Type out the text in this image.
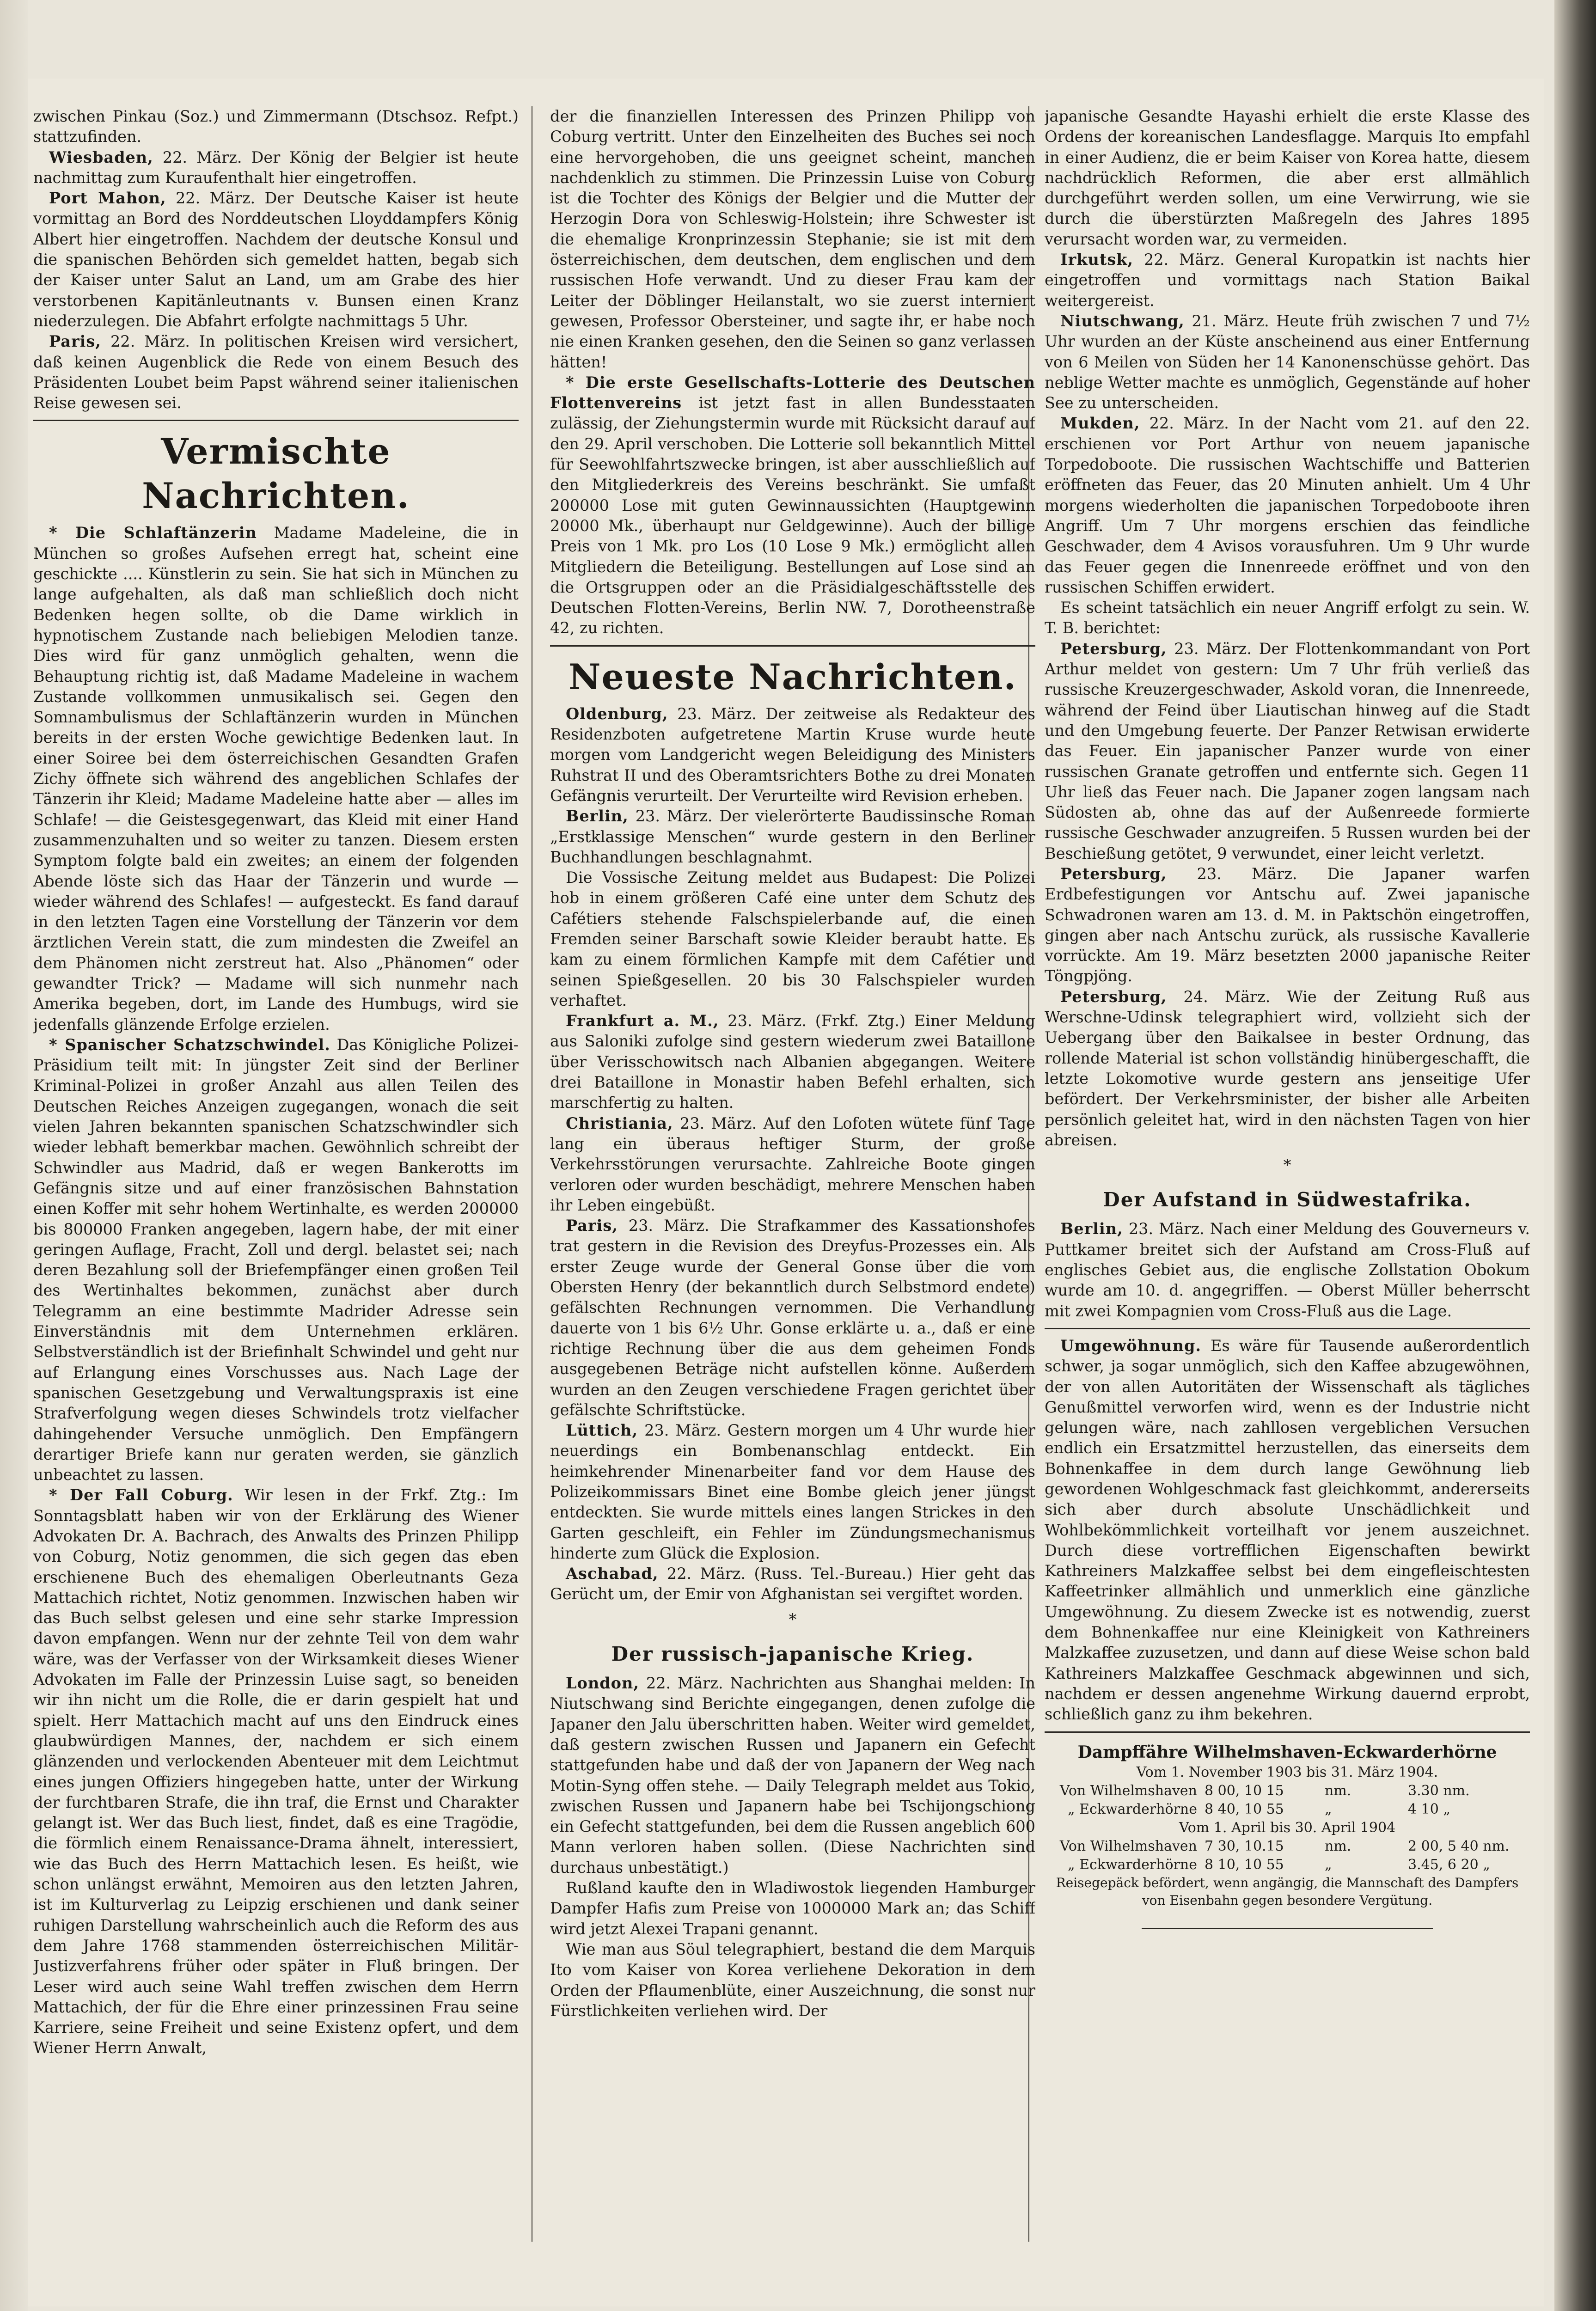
zwischen Pinkau (Soz.) und Zimmermann (Dtschsoz. Refpt.) stattzufinden.

Wiesbaden, 22. März. Der König der Belgier ist heute nachmittag zum Kuraufenthalt hier eingetroffen.

Port Mahon, 22. März. Der Deutsche Kaiser ist heute vormittag an Bord des Norddeutschen Lloyddampfers König Albert hier eingetroffen. Nachdem der deutsche Konsul und die spanischen Behörden sich gemeldet hatten, begab sich der Kaiser unter Salut an Land, um am Grabe des hier verstorbenen Kapitänleutnants v. Bunsen einen Kranz niederzulegen. Die Abfahrt erfolgte nachmittags 5 Uhr.

Paris, 22. März. In politischen Kreisen wird versichert, daß keinen Augenblick die Rede von einem Besuch des Präsidenten Loubet beim Papst während seiner italienischen Reise gewesen sei.

Vermischte Nachrichten.

* Die Schlaftänzerin Madame Madeleine, die in München so großes Aufsehen erregt hat, scheint eine geschickte .... Künstlerin zu sein. Sie hat sich in München zu lange aufgehalten, als daß man schließlich doch nicht Bedenken hegen sollte, ob die Dame wirklich in hypnotischem Zustande nach beliebigen Melodien tanze. Dies wird für ganz unmöglich gehalten, wenn die Behauptung richtig ist, daß Madame Madeleine in wachem Zustande vollkommen unmusikalisch sei. Gegen den Somnambulismus der Schlaftänzerin wurden in München bereits in der ersten Woche gewichtige Bedenken laut. In einer Soiree bei dem österreichischen Gesandten Grafen Zichy öffnete sich während des angeblichen Schlafes der Tänzerin ihr Kleid; Madame Madeleine hatte aber — alles im Schlafe! — die Geistesgegenwart, das Kleid mit einer Hand zusammenzuhalten und so weiter zu tanzen. Diesem ersten Symptom folgte bald ein zweites; an einem der folgenden Abende löste sich das Haar der Tänzerin und wurde — wieder während des Schlafes! — aufgesteckt. Es fand darauf in den letzten Tagen eine Vorstellung der Tänzerin vor dem ärztlichen Verein statt, die zum mindesten die Zweifel an dem Phänomen nicht zerstreut hat. Also „Phänomen“ oder gewandter Trick? — Madame will sich nunmehr nach Amerika begeben, dort, im Lande des Humbugs, wird sie jedenfalls glänzende Erfolge erzielen.

* Spanischer Schatzschwindel. Das Königliche Polizei-Präsidium teilt mit: In jüngster Zeit sind der Berliner Kriminal-Polizei in großer Anzahl aus allen Teilen des Deutschen Reiches Anzeigen zugegangen, wonach die seit vielen Jahren bekannten spanischen Schatzschwindler sich wieder lebhaft bemerkbar machen. Gewöhnlich schreibt der Schwindler aus Madrid, daß er wegen Bankerotts im Gefängnis sitze und auf einer französischen Bahnstation einen Koffer mit sehr hohem Wertinhalte, es werden 200000 bis 800000 Franken angegeben, lagern habe, der mit einer geringen Auflage, Fracht, Zoll und dergl. belastet sei; nach deren Bezahlung soll der Briefempfänger einen großen Teil des Wertinhaltes bekommen, zunächst aber durch Telegramm an eine bestimmte Madrider Adresse sein Einverständnis mit dem Unternehmen erklären. Selbstverständlich ist der Briefinhalt Schwindel und geht nur auf Erlangung eines Vorschusses aus. Nach Lage der spanischen Gesetzgebung und Verwaltungspraxis ist eine Strafverfolgung wegen dieses Schwindels trotz vielfacher dahingehender Versuche unmöglich. Den Empfängern derartiger Briefe kann nur geraten werden, sie gänzlich unbeachtet zu lassen.

* Der Fall Coburg. Wir lesen in der Frkf. Ztg.: Im Sonntagsblatt haben wir von der Erklärung des Wiener Advokaten Dr. A. Bachrach, des Anwalts des Prinzen Philipp von Coburg, Notiz genommen, die sich gegen das eben erschienene Buch des ehemaligen Oberleutnants Geza Mattachich richtet, Notiz genommen. Inzwischen haben wir das Buch selbst gelesen und eine sehr starke Impression davon empfangen. Wenn nur der zehnte Teil von dem wahr wäre, was der Verfasser von der Wirksamkeit dieses Wiener Advokaten im Falle der Prinzessin Luise sagt, so beneiden wir ihn nicht um die Rolle, die er darin gespielt hat und spielt. Herr Mattachich macht auf uns den Eindruck eines glaubwürdigen Mannes, der, nachdem er sich einem glänzenden und verlockenden Abenteuer mit dem Leichtmut eines jungen Offiziers hingegeben hatte, unter der Wirkung der furchtbaren Strafe, die ihn traf, die Ernst und Charakter gelangt ist. Wer das Buch liest, findet, daß es eine Tragödie, die förmlich einem Renaissance-Drama ähnelt, interessiert, wie das Buch des Herrn Mattachich lesen. Es heißt, wie schon unlängst erwähnt, Memoiren aus den letzten Jahren, ist im Kulturverlag zu Leipzig erschienen und dank seiner ruhigen Darstellung wahrscheinlich auch die Reform des aus dem Jahre 1768 stammenden österreichischen Militär-Justizverfahrens früher oder später in Fluß bringen. Der Leser wird auch seine Wahl treffen zwischen dem Herrn Mattachich, der für die Ehre einer prinzessinen Frau seine Karriere, seine Freiheit und seine Existenz opfert, und dem Wiener Herrn Anwalt,

der die finanziellen Interessen des Prinzen Philipp von Coburg vertritt. Unter den Einzelheiten des Buches sei noch eine hervorgehoben, die uns geeignet scheint, manchen nachdenklich zu stimmen. Die Prinzessin Luise von Coburg ist die Tochter des Königs der Belgier und die Mutter der Herzogin Dora von Schleswig-Holstein; ihre Schwester ist die ehemalige Kronprinzessin Stephanie; sie ist mit dem österreichischen, dem deutschen, dem englischen und dem russischen Hofe verwandt. Und zu dieser Frau kam der Leiter der Döblinger Heilanstalt, wo sie zuerst interniert gewesen, Professor Obersteiner, und sagte ihr, er habe noch nie einen Kranken gesehen, den die Seinen so ganz verlassen hätten!

* Die erste Gesellschafts-Lotterie des Deutschen Flottenvereins ist jetzt fast in allen Bundesstaaten zulässig, der Ziehungstermin wurde mit Rücksicht darauf auf den 29. April verschoben. Die Lotterie soll bekanntlich Mittel für Seewohlfahrtszwecke bringen, ist aber ausschließlich auf den Mitgliederkreis des Vereins beschränkt. Sie umfaßt 200000 Lose mit guten Gewinnaussichten (Hauptgewinn 20000 Mk., überhaupt nur Geldgewinne). Auch der billige Preis von 1 Mk. pro Los (10 Lose 9 Mk.) ermöglicht allen Mitgliedern die Beteiligung. Bestellungen auf Lose sind an die Ortsgruppen oder an die Präsidialgeschäftsstelle des Deutschen Flotten-Vereins, Berlin NW. 7, Dorotheenstraße 42, zu richten.

Neueste Nachrichten.

Oldenburg, 23. März. Der zeitweise als Redakteur des Residenzboten aufgetretene Martin Kruse wurde heute morgen vom Landgericht wegen Beleidigung des Ministers Ruhstrat II und des Oberamtsrichters Bothe zu drei Monaten Gefängnis verurteilt. Der Verurteilte wird Revision erheben.

Berlin, 23. März. Der vielerörterte Baudissinsche Roman „Erstklassige Menschen“ wurde gestern in den Berliner Buchhandlungen beschlagnahmt.

Die Vossische Zeitung meldet aus Budapest: Die Polizei hob in einem größeren Café eine unter dem Schutz des Cafétiers stehende Falschspielerbande auf, die einen Fremden seiner Barschaft sowie Kleider beraubt hatte. Es kam zu einem förmlichen Kampfe mit dem Cafétier und seinen Spießgesellen. 20 bis 30 Falschspieler wurden verhaftet.

Frankfurt a. M., 23. März. (Frkf. Ztg.) Einer Meldung aus Saloniki zufolge sind gestern wiederum zwei Bataillone über Verisschowitsch nach Albanien abgegangen. Weitere drei Bataillone in Monastir haben Befehl erhalten, sich marschfertig zu halten.

Christiania, 23. März. Auf den Lofoten wütete fünf Tage lang ein überaus heftiger Sturm, der große Verkehrsstörungen verursachte. Zahlreiche Boote gingen verloren oder wurden beschädigt, mehrere Menschen haben ihr Leben eingebüßt.

Paris, 23. März. Die Strafkammer des Kassationshofes trat gestern in die Revision des Dreyfus-Prozesses ein. Als erster Zeuge wurde der General Gonse über die vom Obersten Henry (der bekanntlich durch Selbstmord endete) gefälschten Rechnungen vernommen. Die Verhandlung dauerte von 1 bis 6½ Uhr. Gonse erklärte u. a., daß er eine richtige Rechnung über die aus dem geheimen Fonds ausgegebenen Beträge nicht aufstellen könne. Außerdem wurden an den Zeugen verschiedene Fragen gerichtet über gefälschte Schriftstücke.

Lüttich, 23. März. Gestern morgen um 4 Uhr wurde hier neuerdings ein Bombenanschlag entdeckt. Ein heimkehrender Minenarbeiter fand vor dem Hause des Polizeikommissars Binet eine Bombe gleich jener jüngst entdeckten. Sie wurde mittels eines langen Strickes in den Garten geschleift, ein Fehler im Zündungsmechanismus hinderte zum Glück die Explosion.

Aschabad, 22. März. (Russ. Tel.-Bureau.) Hier geht das Gerücht um, der Emir von Afghanistan sei vergiftet worden.

*
Der russisch-japanische Krieg.

London, 22. März. Nachrichten aus Shanghai melden: In Niutschwang sind Berichte eingegangen, denen zufolge die Japaner den Jalu überschritten haben. Weiter wird gemeldet, daß gestern zwischen Russen und Japanern ein Gefecht stattgefunden habe und daß der von Japanern der Weg nach Motin-Syng offen stehe. — Daily Telegraph meldet aus Tokio, zwischen Russen und Japanern habe bei Tschijongschiong ein Gefecht stattgefunden, bei dem die Russen angeblich 600 Mann verloren haben sollen. (Diese Nachrichten sind durchaus unbestätigt.)

Rußland kaufte den in Wladiwostok liegenden Hamburger Dampfer Hafis zum Preise von 1000000 Mark an; das Schiff wird jetzt Alexei Trapani genannt.

Wie man aus Söul telegraphiert, bestand die dem Marquis Ito vom Kaiser von Korea verliehene Dekoration in dem Orden der Pflaumenblüte, einer Auszeichnung, die sonst nur Fürstlichkeiten verliehen wird. Der

japanische Gesandte Hayashi erhielt die erste Klasse des Ordens der koreanischen Landesflagge. Marquis Ito empfahl in einer Audienz, die er beim Kaiser von Korea hatte, diesem nachdrücklich Reformen, die aber erst allmählich durchgeführt werden sollen, um eine Verwirrung, wie sie durch die überstürzten Maßregeln des Jahres 1895 verursacht worden war, zu vermeiden.

Irkutsk, 22. März. General Kuropatkin ist nachts hier eingetroffen und vormittags nach Station Baikal weitergereist.

Niutschwang, 21. März. Heute früh zwischen 7 und 7½ Uhr wurden an der Küste anscheinend aus einer Entfernung von 6 Meilen von Süden her 14 Kanonenschüsse gehört. Das neblige Wetter machte es unmöglich, Gegenstände auf hoher See zu unterscheiden.

Mukden, 22. März. In der Nacht vom 21. auf den 22. erschienen vor Port Arthur von neuem japanische Torpedoboote. Die russischen Wachtschiffe und Batterien eröffneten das Feuer, das 20 Minuten anhielt. Um 4 Uhr morgens wiederholten die japanischen Torpedoboote ihren Angriff. Um 7 Uhr morgens erschien das feindliche Geschwader, dem 4 Avisos vorausfuhren. Um 9 Uhr wurde das Feuer gegen die Innenreede eröffnet und von den russischen Schiffen erwidert.

Es scheint tatsächlich ein neuer Angriff erfolgt zu sein. W. T. B. berichtet:

Petersburg, 23. März. Der Flottenkommandant von Port Arthur meldet von gestern: Um 7 Uhr früh verließ das russische Kreuzergeschwader, Askold voran, die Innenreede, während der Feind über Liautischan hinweg auf die Stadt und den Umgebung feuerte. Der Panzer Retwisan erwiderte das Feuer. Ein japanischer Panzer wurde von einer russischen Granate getroffen und entfernte sich. Gegen 11 Uhr ließ das Feuer nach. Die Japaner zogen langsam nach Südosten ab, ohne das auf der Außenreede formierte russische Geschwader anzugreifen. 5 Russen wurden bei der Beschießung getötet, 9 verwundet, einer leicht verletzt.

Petersburg, 23. März. Die Japaner warfen Erdbefestigungen vor Antschu auf. Zwei japanische Schwadronen waren am 13. d. M. in Paktschön eingetroffen, gingen aber nach Antschu zurück, als russische Kavallerie vorrückte. Am 19. März besetzten 2000 japanische Reiter Töngpjöng.

Petersburg, 24. März. Wie der Zeitung Ruß aus Werschne-Udinsk telegraphiert wird, vollzieht sich der Uebergang über den Baikalsee in bester Ordnung, das rollende Material ist schon vollständig hinübergeschafft, die letzte Lokomotive wurde gestern ans jenseitige Ufer befördert. Der Verkehrsminister, der bisher alle Arbeiten persönlich geleitet hat, wird in den nächsten Tagen von hier abreisen.

*
Der Aufstand in Südwestafrika.

Berlin, 23. März. Nach einer Meldung des Gouverneurs v. Puttkamer breitet sich der Aufstand am Cross-Fluß auf englisches Gebiet aus, die englische Zollstation Obokum wurde am 10. d. angegriffen. — Oberst Müller beherrscht mit zwei Kompagnien vom Cross-Fluß aus die Lage.

Umgewöhnung. Es wäre für Tausende außerordentlich schwer, ja sogar unmöglich, sich den Kaffee abzugewöhnen, der von allen Autoritäten der Wissenschaft als tägliches Genußmittel verworfen wird, wenn es der Industrie nicht gelungen wäre, nach zahllosen vergeblichen Versuchen endlich ein Ersatzmittel herzustellen, das einerseits dem Bohnenkaffee in dem durch lange Gewöhnung lieb gewordenen Wohlgeschmack fast gleichkommt, andererseits sich aber durch absolute Unschädlichkeit und Wohlbekömmlichkeit vorteilhaft vor jenem auszeichnet. Durch diese vortrefflichen Eigenschaften bewirkt Kathreiners Malzkaffee selbst bei dem eingefleischtesten Kaffeetrinker allmählich und unmerklich eine gänzliche Umgewöhnung. Zu diesem Zwecke ist es notwendig, zuerst dem Bohnenkaffee nur eine Kleinigkeit von Kathreiners Malzkaffee zuzusetzen, und dann auf diese Weise schon bald Kathreiners Malzkaffee Geschmack abgewinnen und sich, nachdem er dessen angenehme Wirkung dauernd erprobt, schließlich ganz zu ihm bekehren.

Dampffähre Wilhelmshaven-Eckwarderhörne
Vom 1. November 1903 bis 31. März 1904.
Von Wilhelmshaven 8 00, 10 15	nm.	3.30 nm.
„ Eckwarderhörne 8 40, 10 55	„	4 10 „
Vom 1. April bis 30. April 1904
Von Wilhelmshaven 7 30, 10.15	nm.	2 00, 5 40 nm.
„ Eckwarderhörne 8 10, 10 55	„	3.45, 6 20 „
Reisegepäck befördert, wenn angängig, die Mannschaft des Dampfers von Eisenbahn gegen besondere Vergütung.
